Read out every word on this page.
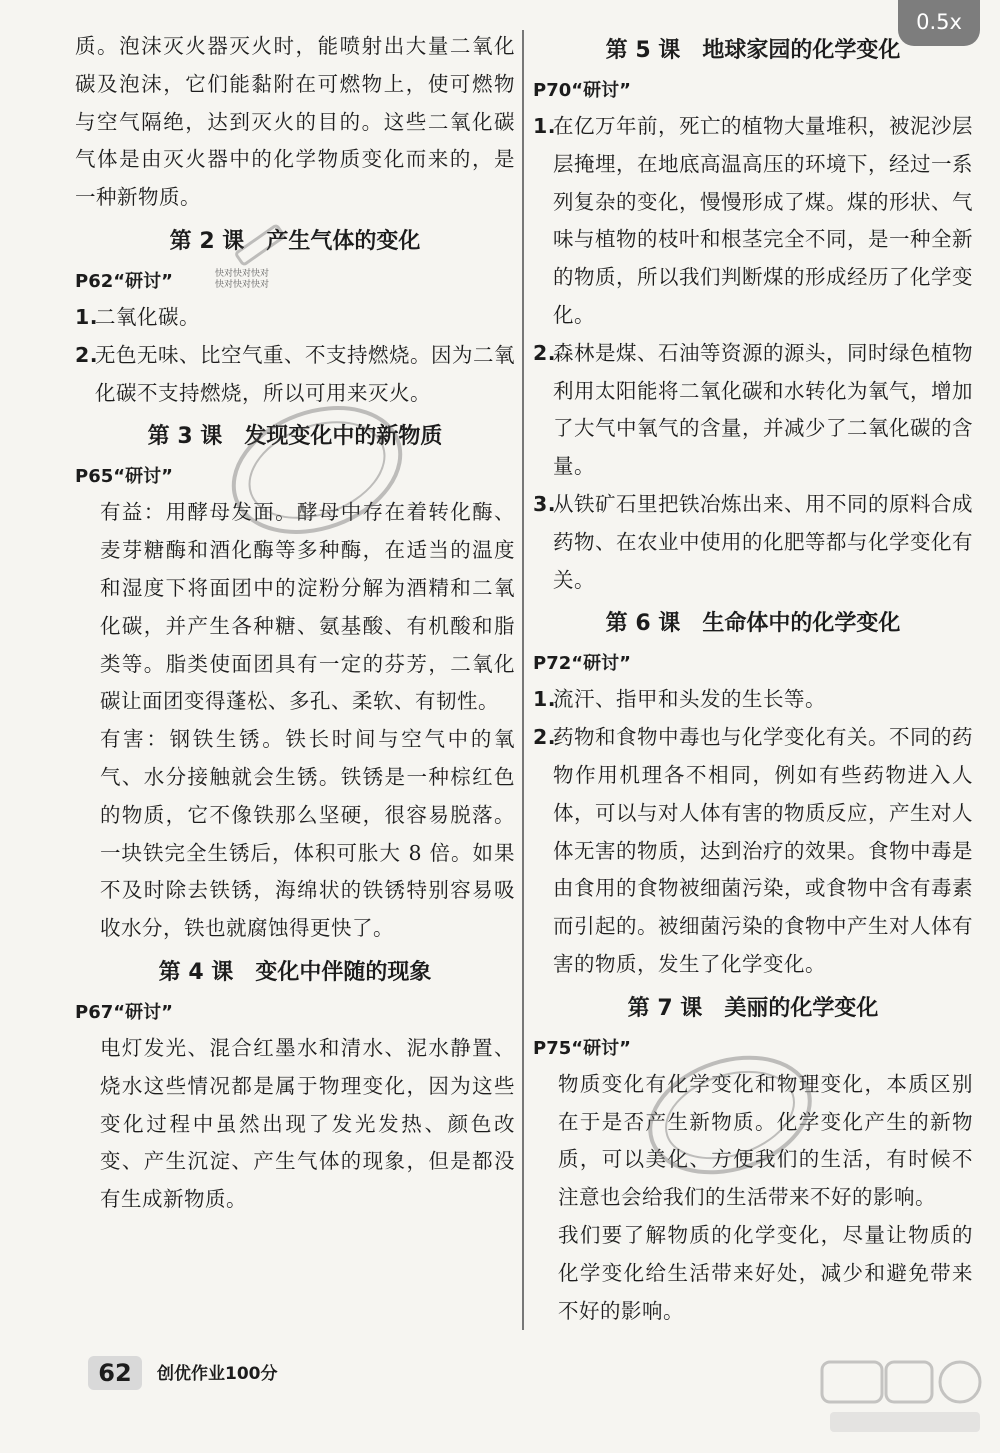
0.5x

质。泡沫灭火器灭火时，能喷射出大量二氧化碳及泡沫，它们能黏附在可燃物上，使可燃物与空气隔绝，达到灭火的目的。这些二氧化碳气体是由灭火器中的化学物质变化而来的，是一种新物质。

第 2 课 产生气体的变化
P62“研讨”	快对快对快对
快对快对快对
1.
二氧化碳。
2.
无色无味、比空气重、不支持燃烧。因为二氧化碳不支持燃烧，所以可用来灭火。
第 3 课 发现变化中的新物质
P65“研讨”

有益：用酵母发面。酵母中存在着转化酶、麦芽糖酶和酒化酶等多种酶，在适当的温度和湿度下将面团中的淀粉分解为酒精和二氧化碳，并产生各种糖、氨基酸、有机酸和脂类等。脂类使面团具有一定的芬芳，二氧化碳让面团变得蓬松、多孔、柔软、有韧性。

有害：钢铁生锈。铁长时间与空气中的氧气、水分接触就会生锈。铁锈是一种棕红色的物质，它不像铁那么坚硬，很容易脱落。一块铁完全生锈后，体积可胀大 8 倍。如果不及时除去铁锈，海绵状的铁锈特别容易吸收水分，铁也就腐蚀得更快了。

第 4 课 变化中伴随的现象
P67“研讨”

电灯发光、混合红墨水和清水、泥水静置、烧水这些情况都是属于物理变化，因为这些变化过程中虽然出现了发光发热、颜色改变、产生沉淀、产生气体的现象，但是都没有生成新物质。

第 5 课 地球家园的化学变化
P70“研讨”
1.
在亿万年前，死亡的植物大量堆积，被泥沙层层掩埋，在地底高温高压的环境下，经过一系列复杂的变化，慢慢形成了煤。煤的形状、气味与植物的枝叶和根茎完全不同，是一种全新的物质，所以我们判断煤的形成经历了化学变化。
2.
森林是煤、石油等资源的源头，同时绿色植物利用太阳能将二氧化碳和水转化为氧气，增加了大气中氧气的含量，并减少了二氧化碳的含量。
3.
从铁矿石里把铁冶炼出来、用不同的原料合成药物、在农业中使用的化肥等都与化学变化有关。
第 6 课 生命体中的化学变化
P72“研讨”
1.
流汗、指甲和头发的生长等。
2.
药物和食物中毒也与化学变化有关。不同的药物作用机理各不相同，例如有些药物进入人体，可以与对人体有害的物质反应，产生对人体无害的物质，达到治疗的效果。食物中毒是由食用的食物被细菌污染，或食物中含有毒素而引起的。被细菌污染的食物中产生对人体有害的物质，发生了化学变化。
第 7 课 美丽的化学变化
P75“研讨”

物质变化有化学变化和物理变化，本质区别在于是否产生新物质。化学变化产生的新物质，可以美化、方便我们的生活，有时候不注意也会给我们的生活带来不好的影响。

我们要了解物质的化学变化，尽量让物质的化学变化给生活带来好处，减少和避免带来不好的影响。

62	创优作业100分
